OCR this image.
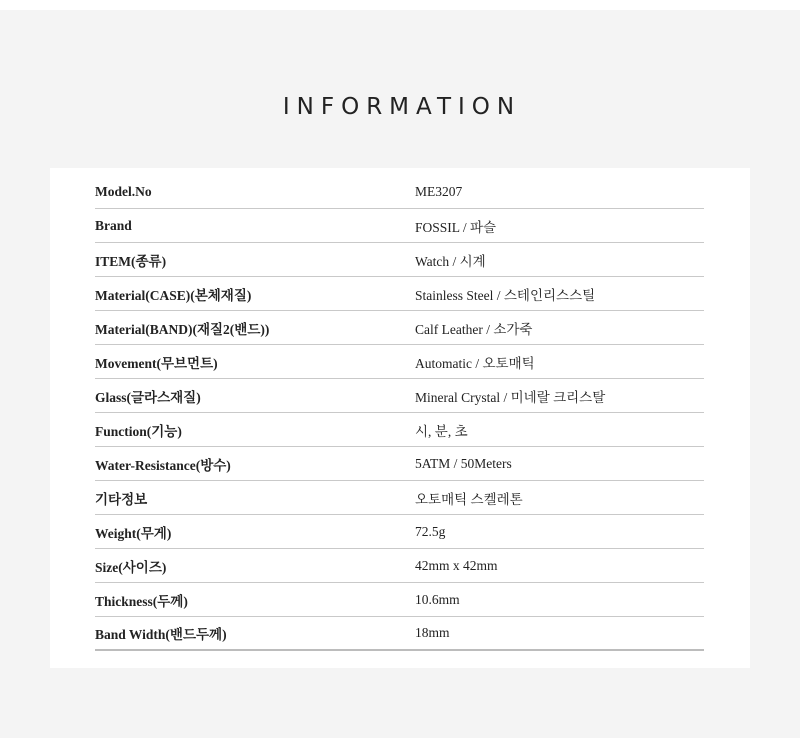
INFORMATION
Model.No	ME3207
Brand	FOSSIL / 파슬
ITEM(종류)	Watch / 시계
Material(CASE)(본체재질)	Stainless Steel / 스테인리스스틸
Material(BAND)(재질2(밴드))	Calf Leather / 소가죽
Movement(무브먼트)	Automatic / 오토매틱
Glass(글라스재질)	Mineral Crystal / 미네랄 크리스탈
Function(기능)	시, 분, 초
Water-Resistance(방수)	5ATM / 50Meters
기타정보	오토매틱 스켈레톤
Weight(무게)	72.5g
Size(사이즈)	42mm x 42mm
Thickness(두께)	10.6mm
Band Width(밴드두께)	18mm
